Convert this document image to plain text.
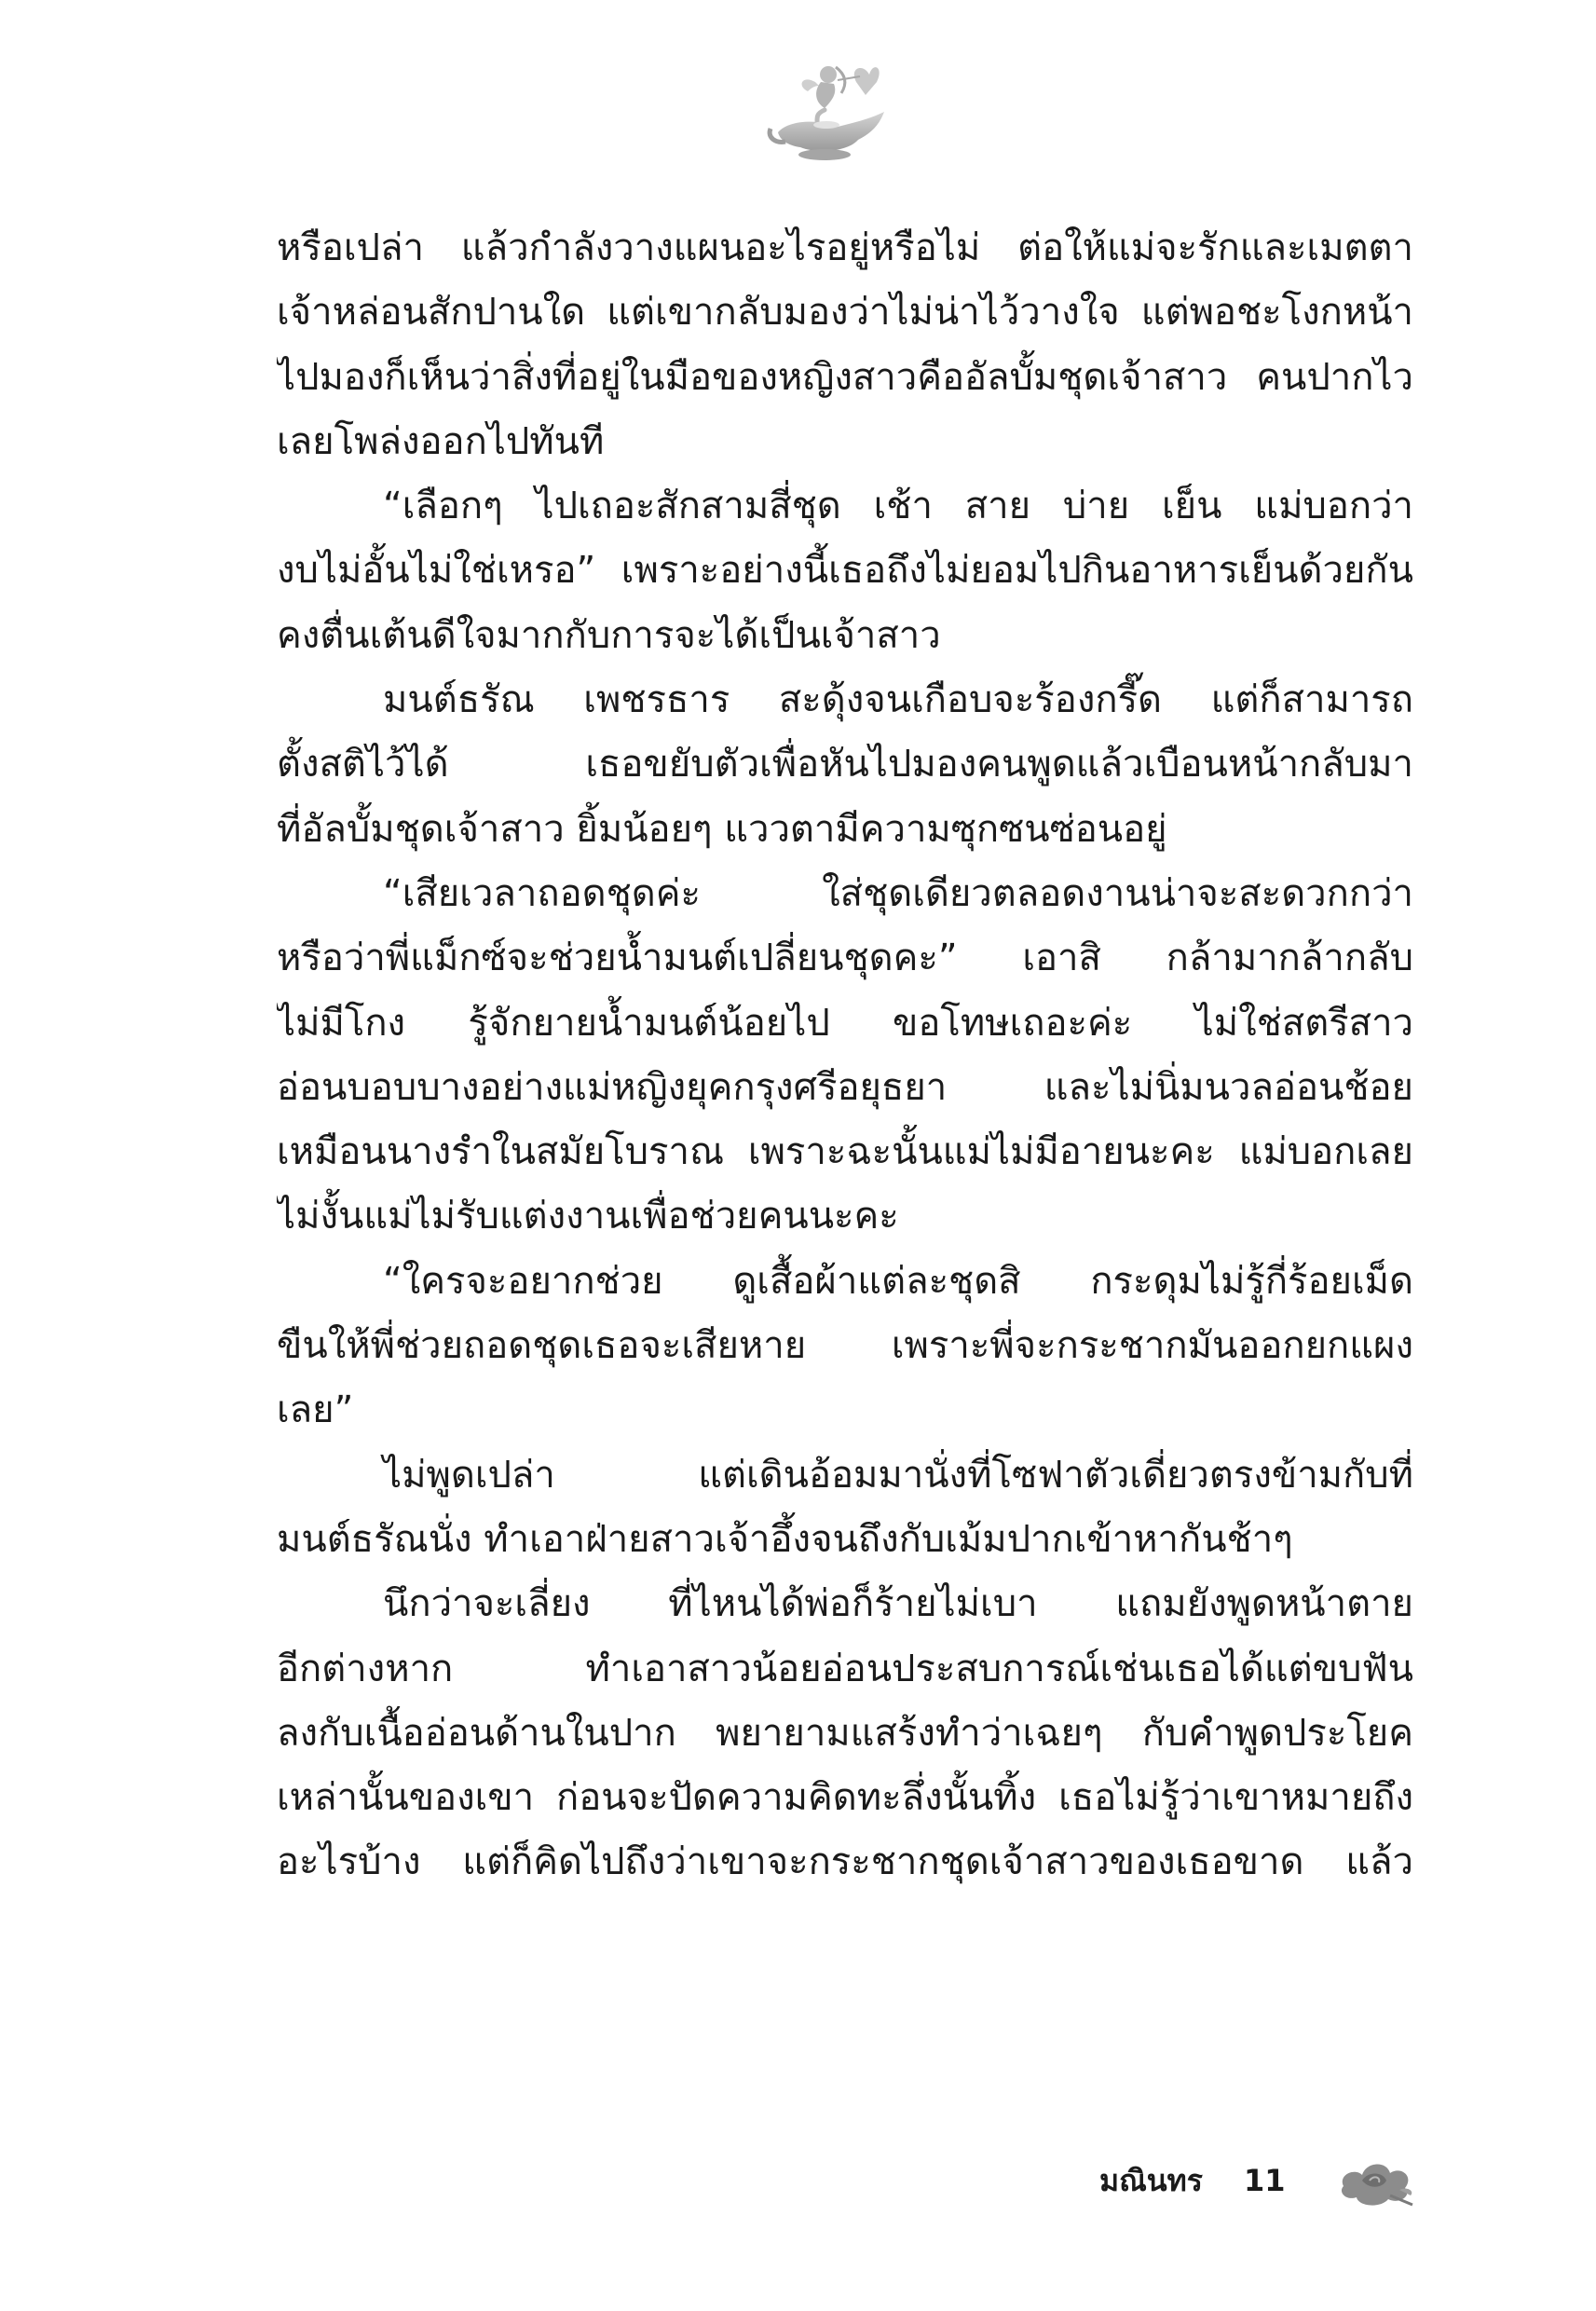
หรือเปล่า แล้วกำลังวางแผนอะไรอยู่หรือไม่ ต่อให้แม่จะรักและเมตตา
เจ้าหล่อนสักปานใด แต่เขากลับมองว่าไม่น่าไว้วางใจ แต่พอชะโงกหน้า
ไปมองก็เห็นว่าสิ่งที่อยู่ในมือของหญิงสาวคืออัลบั้มชุดเจ้าสาว คนปากไว
เลยโพล่งออกไปทันที
“เลือกๆ ไปเถอะสักสามสี่ชุด เช้า สาย บ่าย เย็น แม่บอกว่า
งบไม่อั้นไม่ใช่เหรอ” เพราะอย่างนี้เธอถึงไม่ยอมไปกินอาหารเย็นด้วยกัน
คงตื่นเต้นดีใจมากกับการจะได้เป็นเจ้าสาว
มนต์ธรัณ เพชรธาร สะดุ้งจนเกือบจะร้องกรี๊ด แต่ก็สามารถ
ตั้งสติไว้ได้ เธอขยับตัวเพื่อหันไปมองคนพูดแล้วเบือนหน้ากลับมา
ที่อัลบั้มชุดเจ้าสาว ยิ้มน้อยๆ แววตามีความซุกซนซ่อนอยู่
“เสียเวลาถอดชุดค่ะ ใส่ชุดเดียวตลอดงานน่าจะสะดวกกว่า
หรือว่าพี่แม็กซ์จะช่วยน้ำมนต์เปลี่ยนชุดคะ” เอาสิ กล้ามากล้ากลับ
ไม่มีโกง รู้จักยายน้ำมนต์น้อยไป ขอโทษเถอะค่ะ ไม่ใช่สตรีสาว
อ่อนบอบบางอย่างแม่หญิงยุคกรุงศรีอยุธยา และไม่นิ่มนวลอ่อนช้อย
เหมือนนางรำในสมัยโบราณ เพราะฉะนั้นแม่ไม่มีอายนะคะ แม่บอกเลย
ไม่งั้นแม่ไม่รับแต่งงานเพื่อช่วยคนนะคะ
“ใครจะอยากช่วย ดูเสื้อผ้าแต่ละชุดสิ กระดุมไม่รู้กี่ร้อยเม็ด
ขืนให้พี่ช่วยถอดชุดเธอจะเสียหาย เพราะพี่จะกระชากมันออกยกแผง
เลย”
ไม่พูดเปล่า แต่เดินอ้อมมานั่งที่โซฟาตัวเดี่ยวตรงข้ามกับที่
มนต์ธรัณนั่ง ทำเอาฝ่ายสาวเจ้าอึ้งจนถึงกับเม้มปากเข้าหากันช้าๆ
นึกว่าจะเลี่ยง ที่ไหนได้พ่อก็ร้ายไม่เบา แถมยังพูดหน้าตาย
อีกต่างหาก ทำเอาสาวน้อยอ่อนประสบการณ์เช่นเธอได้แต่ขบฟัน
ลงกับเนื้ออ่อนด้านในปาก พยายามแสร้งทำว่าเฉยๆ กับคำพูดประโยค
เหล่านั้นของเขา ก่อนจะปัดความคิดทะลึ่งนั้นทิ้ง เธอไม่รู้ว่าเขาหมายถึง
อะไรบ้าง แต่ก็คิดไปถึงว่าเขาจะกระชากชุดเจ้าสาวของเธอขาด แล้ว
มณินทร 11
